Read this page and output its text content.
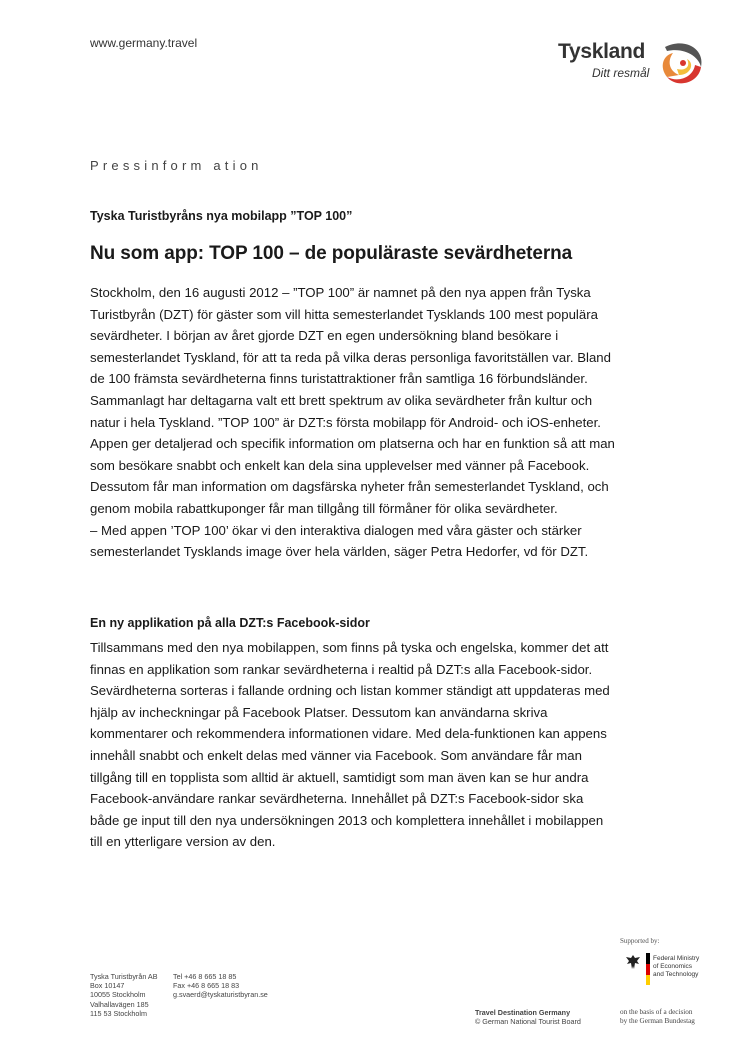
www.germany.travel	Tyskland
Ditt resmål
Pressinform ation
Tyska Turistbyråns nya mobilapp ”TOP 100”
Nu som app: TOP 100 – de populäraste sevärdheterna
Stockholm, den 16 augusti 2012 – ”TOP 100” är namnet på den nya appen från Tyska
Turistbyrån (DZT) för gäster som vill hitta semesterlandet Tysklands 100 mest populära
sevärdheter. I början av året gjorde DZT en egen undersökning bland besökare i
semesterlandet Tyskland, för att ta reda på vilka deras personliga favoritställen var. Bland
de 100 främsta sevärdheterna finns turistattraktioner från samtliga 16 förbundsländer.
Sammanlagt har deltagarna valt ett brett spektrum av olika sevärdheter från kultur och
natur i hela Tyskland. ”TOP 100” är DZT:s första mobilapp för Android- och iOS-enheter.
Appen ger detaljerad och specifik information om platserna och har en funktion så att man
som besökare snabbt och enkelt kan dela sina upplevelser med vänner på Facebook.
Dessutom får man information om dagsfärska nyheter från semesterlandet Tyskland, och
genom mobila rabattkuponger får man tillgång till förmåner för olika sevärdheter.
– Med appen ’TOP 100’ ökar vi den interaktiva dialogen med våra gäster och stärker
semesterlandet Tysklands image över hela världen, säger Petra Hedorfer, vd för DZT.
En ny applikation på alla DZT:s Facebook-sidor
Tillsammans med den nya mobilappen, som finns på tyska och engelska, kommer det att
finnas en applikation som rankar sevärdheterna i realtid på DZT:s alla Facebook-sidor.
Sevärdheterna sorteras i fallande ordning och listan kommer ständigt att uppdateras med
hjälp av incheckningar på Facebook Platser. Dessutom kan användarna skriva
kommentarer och rekommendera informationen vidare. Med dela-funktionen kan appens
innehåll snabbt och enkelt delas med vänner via Facebook. Som användare får man
tillgång till en topplista som alltid är aktuell, samtidigt som man även kan se hur andra
Facebook-användare rankar sevärdheterna. Innehållet på DZT:s Facebook-sidor ska
både ge input till den nya undersökningen 2013 och komplettera innehållet i mobilappen
till en ytterligare version av den.
Tyska Turistbyrån AB
Box 10147
10055 Stockholm
Valhallavägen 185
115 53 Stockholm
Tel +46 8 665 18 85
Fax +46 8 665 18 83
g.svaerd@tyskaturistbyran.se
Travel Destination Germany
© German National Tourist Board
Supported by:
Federal Ministry
of Economics
and Technology
on the basis of a decision
by the German Bundestag
